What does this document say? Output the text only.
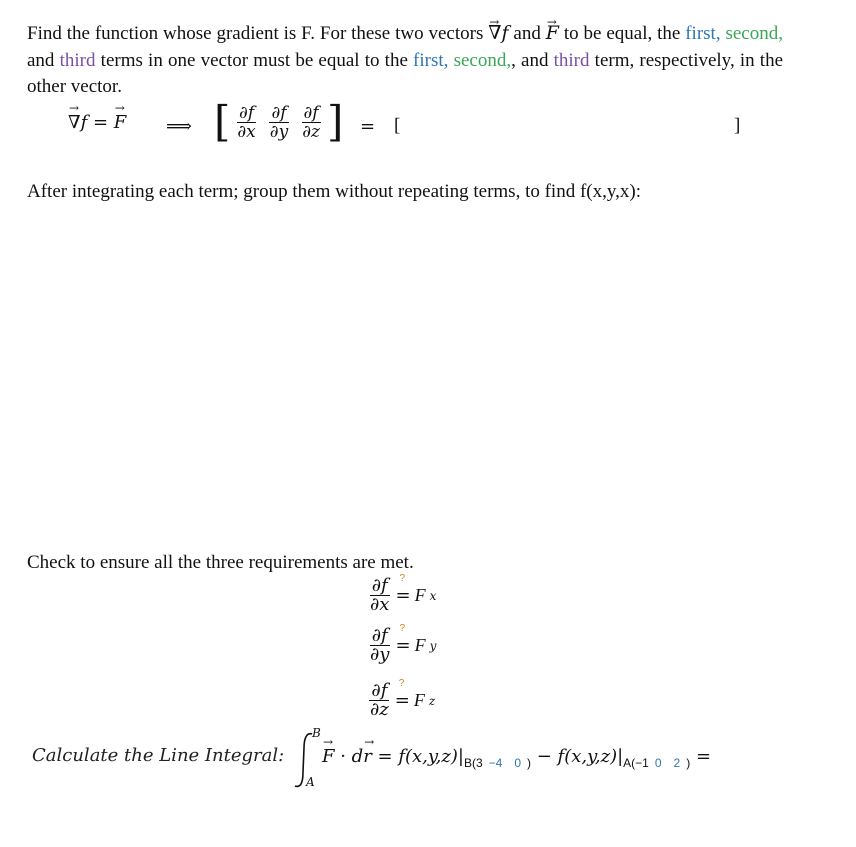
Find the function whose gradient is F. For these two vectors → ∇f and → F to be equal, the first, second, and third terms in one vector must be equal to the first, second,, and third term, respectively, in the other vector.
→ ∇f = → F ⟹ [ $\frac{\partial f}{\partial x} \frac{\partial f}{\partial y} \frac{\partial f}{\partial z}$ ] = [	]
After integrating each term; group them without repeating terms, to find f(x,y,x):
Check to ensure all the three requirements are met.
$\frac{\partial f}{\partial x}$ =
?
F x
$\frac{\partial f}{\partial y}$ =
?
F y
$\frac{\partial f}{\partial z}$ =
?
F z
Calculate the Line Integral:
B
A
→ $F \cdot d\to r = f(x,y,z)|_{B(3 -4 0 )} - f(x,y,z)|_{A(-1 0 2 )}$ =
